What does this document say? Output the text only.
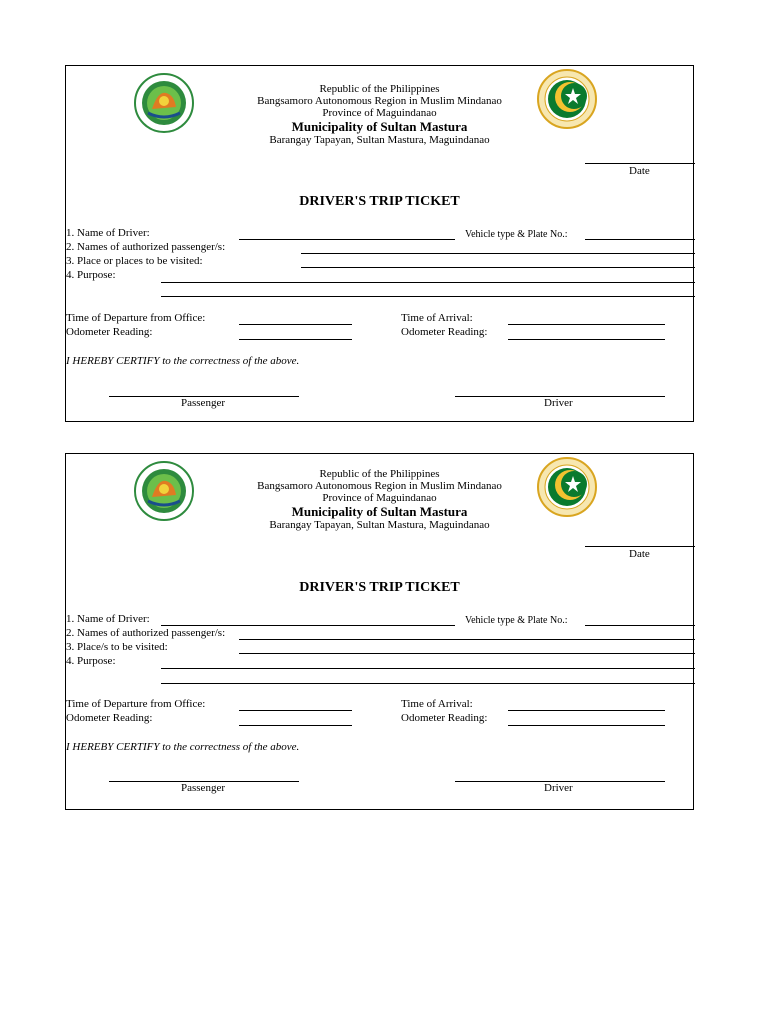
Republic of the Philippines
Bangsamoro Autonomous Region in Muslim Mindanao
Province of Maguindanao
Municipality of Sultan Mastura
Barangay Tapayan, Sultan Mastura, Maguindanao
Date
DRIVER'S TRIP TICKET
1. Name of Driver:	Vehicle type & Plate No.:
2. Names of authorized passenger/s:
3. Place or places to be visited:
4. Purpose:
Time of Departure from Office:	Time of Arrival:
Odometer Reading:	Odometer Reading:
I HEREBY CERTIFY to the correctness of the above.
Passenger	Driver
Republic of the Philippines
Bangsamoro Autonomous Region in Muslim Mindanao
Province of Maguindanao
Municipality of Sultan Mastura
Barangay Tapayan, Sultan Mastura, Maguindanao
Date
DRIVER'S TRIP TICKET
1. Name of Driver:	Vehicle type & Plate No.:
2. Names of authorized passenger/s:
3. Place/s to be visited:
4. Purpose:
Time of Departure from Office:	Time of Arrival:
Odometer Reading:	Odometer Reading:
I HEREBY CERTIFY to the correctness of the above.
Passenger	Driver
